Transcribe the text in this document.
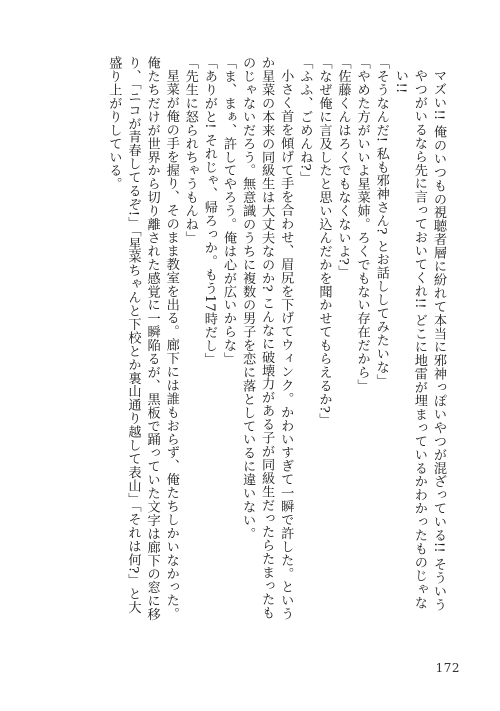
マズい!! 俺のいつもの視聴者層に紛れて本当に邪神っぽいやつが混ざっている!! そういうやつがいるなら先に言っておいてくれ!! どこに地雷が埋まっているかわかったものじゃない!!

「そうなんだ! 私も邪神さん? とお話ししてみたいな」

「やめた方がいいよ星菜姉。ろくでもない存在だから」

「佐藤くんはろくでもなくないよ?」

「なぜ俺に言及したと思い込んだかを聞かせてもらえるか?」

「ふふ、ごめんね?」

小さく首を傾げて手を合わせ、眉尻を下げてウィンク。かわいすぎて一瞬で許した。というか星菜の本来の同級生は大丈夫なのか? こんなに破壊力がある子が同級生だったらたまったものじゃないだろう。無意識のうちに複数の男子を恋に落としているに違いない。

「ま、まぁ、許してやろう。俺は心が広いからな」

「ありがと! それじゃ、帰ろっか。もう17時だし」

「先生に怒られちゃうもんね」

星菜が俺の手を握り、そのまま教室を出る。廊下には誰もおらず、俺たちしかいなかった。俺たちだけが世界から切り離された感覚に一瞬陥るが、黒板で踊っていた文字は廊下の窓に移り、「ニコが青春してるぞ!」「星菜ちゃんと下校とか裏山通り越して表山」「それは何?」と大盛り上がりしている。

172
